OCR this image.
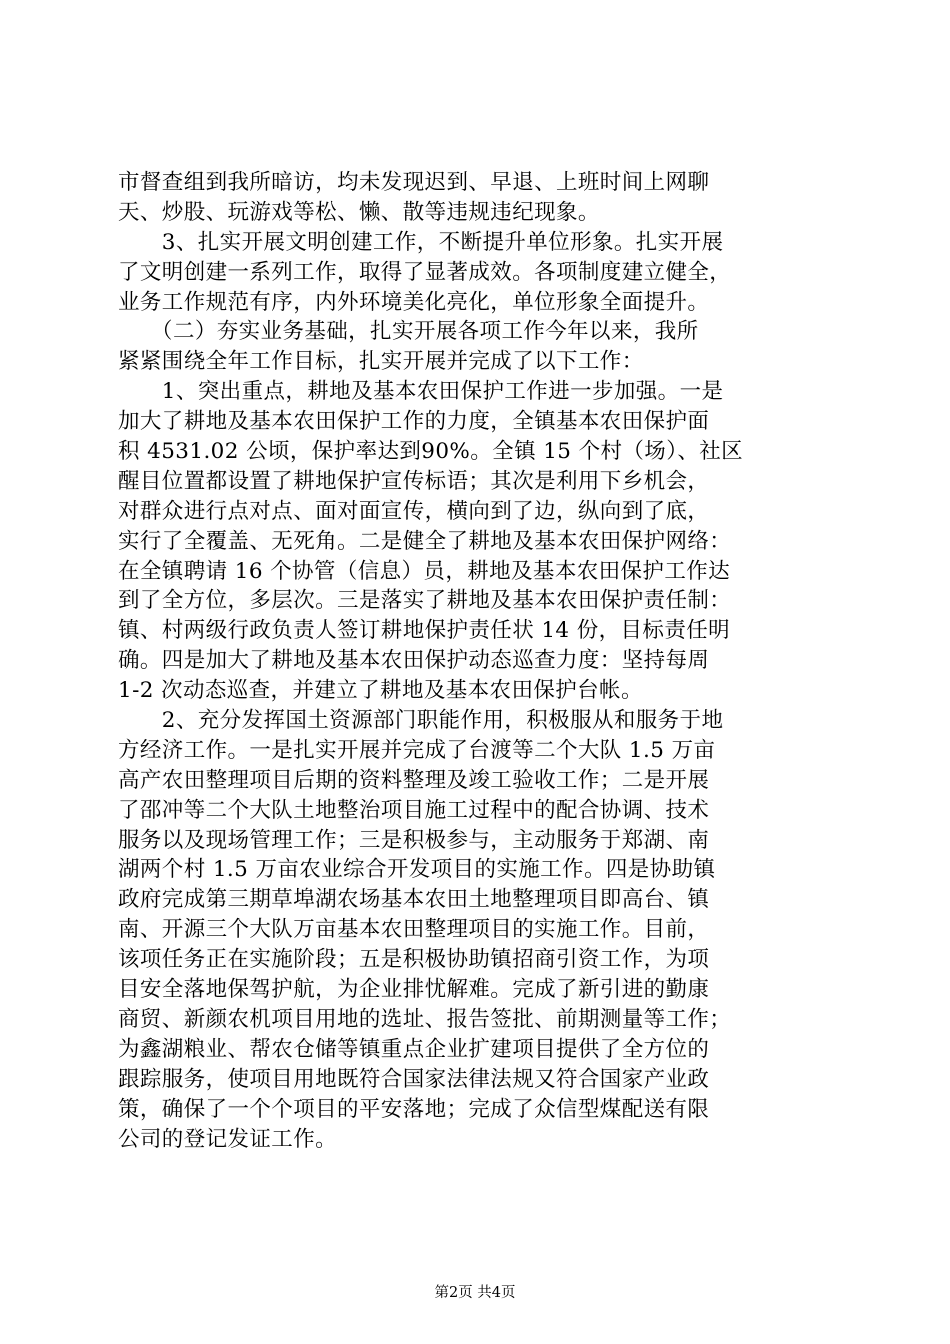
市督查组到我所暗访，均未发现迟到、早退、上班时间上网聊
天、炒股、玩游戏等松、懒、散等违规违纪现象。
　　3、扎实开展文明创建工作，不断提升单位形象。扎实开展
了文明创建一系列工作，取得了显著成效。各项制度建立健全，
业务工作规范有序，内外环境美化亮化，单位形象全面提升。
　　（二）夯实业务基础，扎实开展各项工作今年以来，我所
紧紧围绕全年工作目标，扎实开展并完成了以下工作：
　　1、突出重点，耕地及基本农田保护工作进一步加强。一是
加大了耕地及基本农田保护工作的力度，全镇基本农田保护面
积 4531.02 公顷，保护率达到90%。全镇 15 个村（场）、社区
醒目位置都设置了耕地保护宣传标语；其次是利用下乡机会，
对群众进行点对点、面对面宣传，横向到了边，纵向到了底，
实行了全覆盖、无死角。二是健全了耕地及基本农田保护网络：
在全镇聘请 16 个协管（信息）员，耕地及基本农田保护工作达
到了全方位，多层次。三是落实了耕地及基本农田保护责任制：
镇、村两级行政负责人签订耕地保护责任状 14 份，目标责任明
确。四是加大了耕地及基本农田保护动态巡查力度：坚持每周
1-2 次动态巡查，并建立了耕地及基本农田保护台帐。
　　2、充分发挥国土资源部门职能作用，积极服从和服务于地
方经济工作。一是扎实开展并完成了台渡等二个大队 1.5 万亩
高产农田整理项目后期的资料整理及竣工验收工作；二是开展
了邵冲等二个大队土地整治项目施工过程中的配合协调、技术
服务以及现场管理工作；三是积极参与，主动服务于郑湖、南
湖两个村 1.5 万亩农业综合开发项目的实施工作。四是协助镇
政府完成第三期草埠湖农场基本农田土地整理项目即高台、镇
南、开源三个大队万亩基本农田整理项目的实施工作。目前，
该项任务正在实施阶段；五是积极协助镇招商引资工作，为项
目安全落地保驾护航，为企业排忧解难。完成了新引进的勤康
商贸、新颜农机项目用地的选址、报告签批、前期测量等工作；
为鑫湖粮业、帮农仓储等镇重点企业扩建项目提供了全方位的
跟踪服务，使项目用地既符合国家法律法规又符合国家产业政
策，确保了一个个项目的平安落地；完成了众信型煤配送有限
公司的登记发证工作。
第2页 共4页
